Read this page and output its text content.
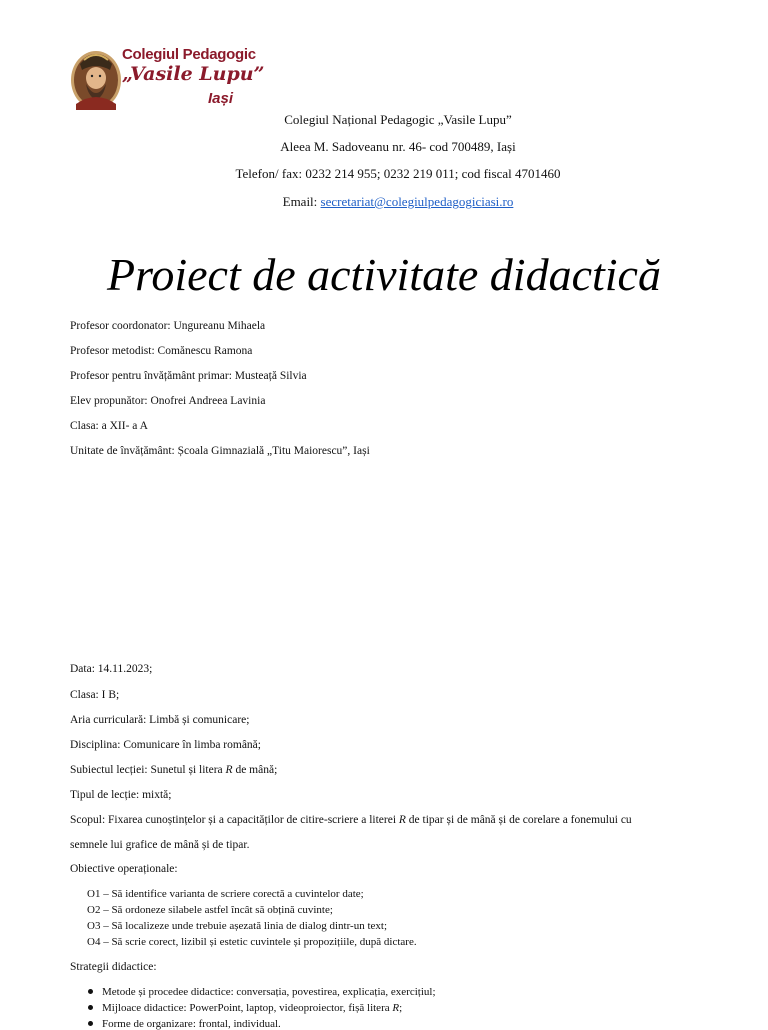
Colegiul Pedagogic
„Vasile Lupu”
Iași
Colegiul Național Pedagogic „Vasile Lupu”
Aleea M. Sadoveanu nr. 46- cod 700489, Iași
Telefon/ fax: 0232 214 955; 0232 219 011; cod fiscal 4701460
Email: secretariat@colegiulpedagogiciasi.ro
Proiect de activitate didactică
Profesor coordonator: Ungureanu Mihaela
Profesor metodist: Comănescu Ramona
Profesor pentru învățământ primar: Musteață Silvia
Elev propunător: Onofrei Andreea Lavinia
Clasa: a XII- a A
Unitate de învățământ: Școala Gimnazială „Titu Maiorescu”, Iași
Data: 14.11.2023;
Clasa: I B;
Aria curriculară: Limbă și comunicare;
Disciplina: Comunicare în limba română;
Subiectul lecției: Sunetul și litera R de mână;
Tipul de lecție: mixtă;
Scopul: Fixarea cunoștințelor și a capacităților de citire-scriere a literei R de tipar și de mână și de corelare a fonemului cu
semnele lui grafice de mână și de tipar.
Obiective operaționale:
O1 – Să identifice varianta de scriere corectă a cuvintelor date;
O2 – Să ordoneze silabele astfel încât să obțină cuvinte;
O3 – Să localizeze unde trebuie așezată linia de dialog dintr-un text;
O4 – Să scrie corect, lizibil și estetic cuvintele și propozițiile, după dictare.
Strategii didactice:
Metode și procedee didactice: conversația, povestirea, explicația, exercițiul;
Mijloace didactice: PowerPoint, laptop, videoproiector, fișă litera R;
Forme de organizare: frontal, individual.
